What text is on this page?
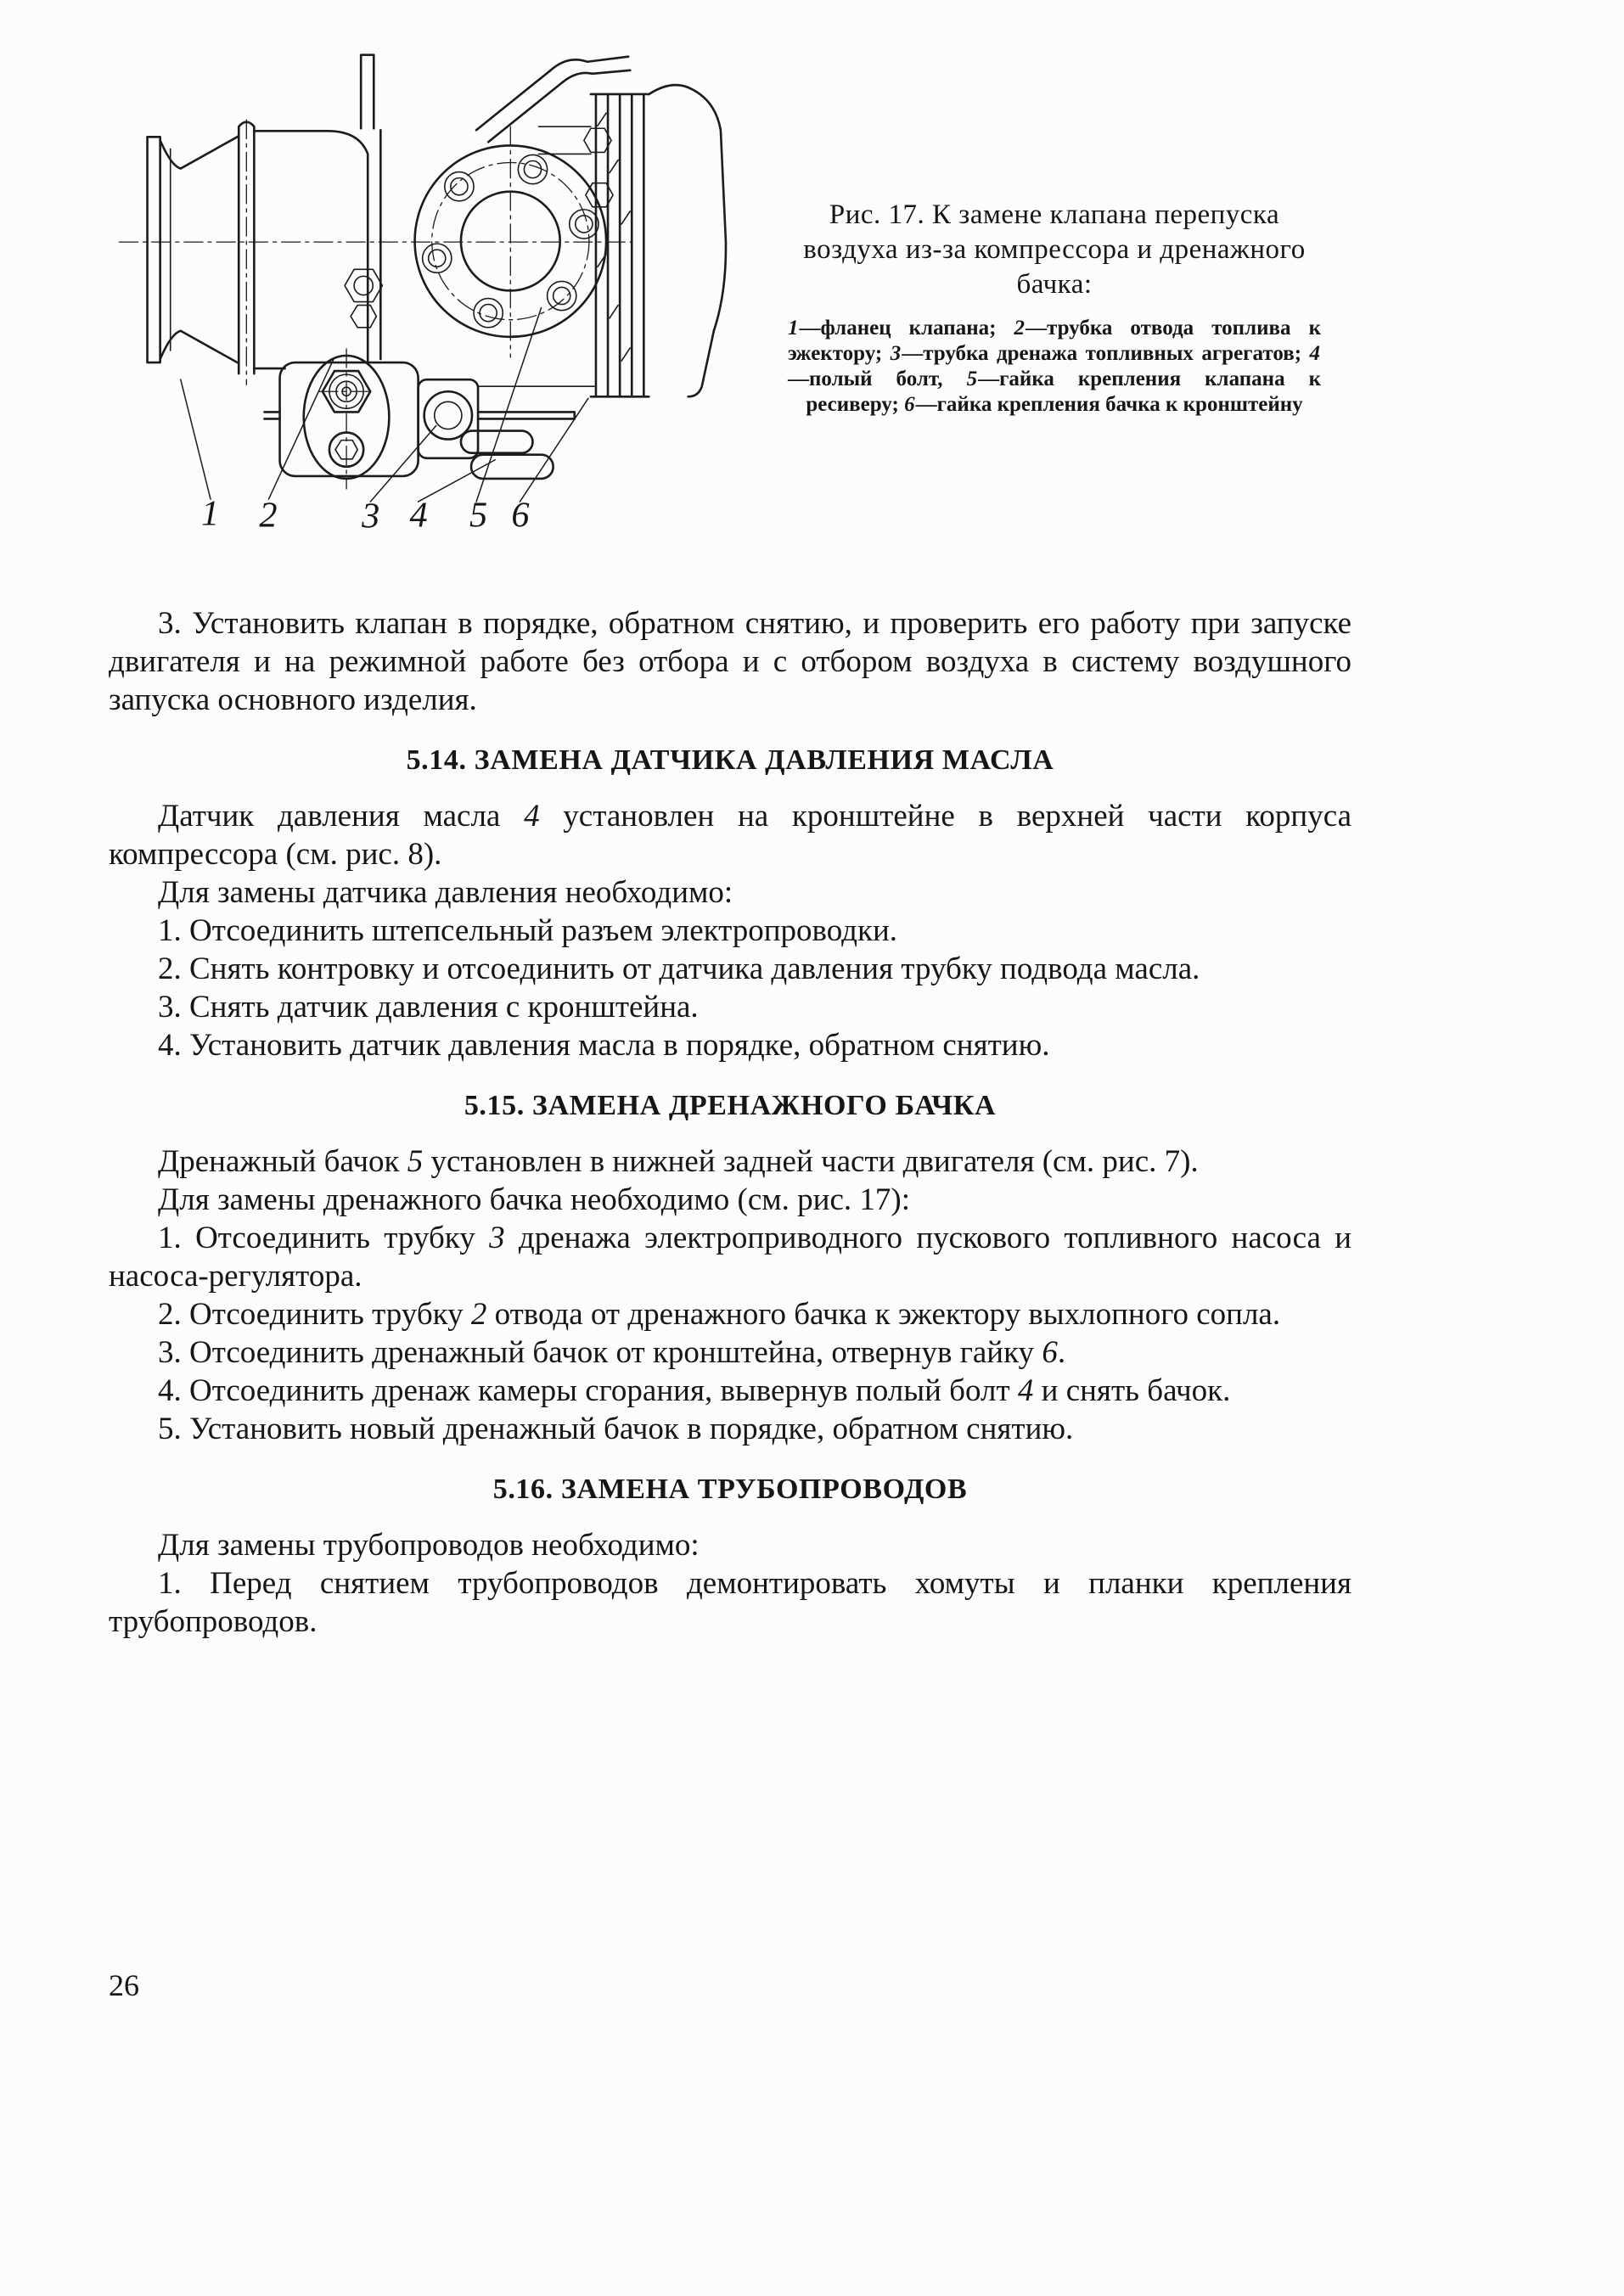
1 2 3 4 5 6

Рис. 17. К замене клапана перепуска воздуха из-за компрессора и дренажного бачка:

1—фланец клапана; 2—трубка отвода топлива к эжектору; 3—трубка дренажа топливных агрегатов; 4—полый болт, 5—гайка крепления клапана к ресиверу; 6—гайка крепления бачка к кронштейну

3. Установить клапан в порядке, обратном снятию, и проверить его работу при запуске двигателя и на режимной работе без отбора и с отбором воздуха в систему воздушного запуска основного изделия.

5.14. ЗАМЕНА ДАТЧИКА ДАВЛЕНИЯ МАСЛА

Датчик давления масла 4 установлен на кронштейне в верхней части корпуса компрессора (см. рис. 8).

Для замены датчика давления необходимо:

1. Отсоединить штепсельный разъем электропроводки.

2. Снять контровку и отсоединить от датчика давления трубку подвода масла.

3. Снять датчик давления с кронштейна.

4. Установить датчик давления масла в порядке, обратном снятию.

5.15. ЗАМЕНА ДРЕНАЖНОГО БАЧКА

Дренажный бачок 5 установлен в нижней задней части двигателя (см. рис. 7).

Для замены дренажного бачка необходимо (см. рис. 17):

1. Отсоединить трубку 3 дренажа электроприводного пускового топливного насоса и насоса-регулятора.

2. Отсоединить трубку 2 отвода от дренажного бачка к эжектору выхлопного сопла.

3. Отсоединить дренажный бачок от кронштейна, отвернув гайку 6.

4. Отсоединить дренаж камеры сгорания, вывернув полый болт 4 и снять бачок.

5. Установить новый дренажный бачок в порядке, обратном снятию.

5.16. ЗАМЕНА ТРУБОПРОВОДОВ

Для замены трубопроводов необходимо:

1. Перед снятием трубопроводов демонтировать хомуты и планки крепления трубопроводов.

26
